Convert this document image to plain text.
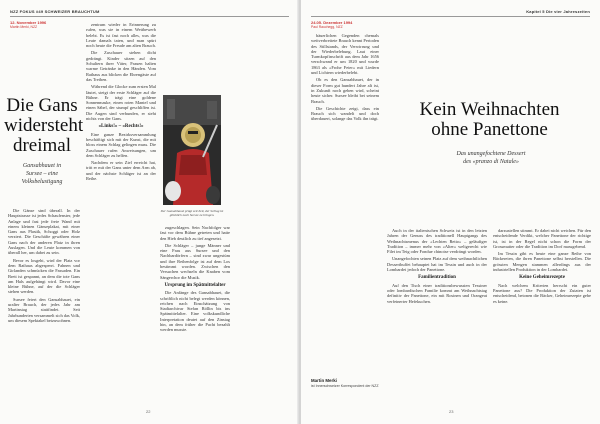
NZZ FOKUS #49 SCHWEIZER BRAUCHTUM
12. November 1996
Martin Merki, NZZ
Die Gans
widersteht
dreimal
Gansabhauet in
Sursee – eine
Volksbelustigung

Die Gänse sind überall. In der Hauptstrasse ist jedes Schaufenster, jede Anlage und fast jede freie Wand mit einem kleinen Gänseplakat, mit einer Gans aus Plastik, Schoggi oder Holz verziert. Die Geschäfte gewähren einer Gans nach der anderen Platz in ihren Auslagen. Und die Leute kommen von überall her, um dabei zu sein.

Bevor es losgeht, wird der Platz vor dem Rathaus abgesperrt. Fahnen und Girlanden schmücken die Fassaden. Ein Brett ist gespannt, an dem die tote Gans am Hals aufgehängt wird. Davor eine kleine Bühne, auf der die Schläger stehen werden.

Sursee feiert den Gansabhauet, ein uralter Brauch, der jedes Jahr am Martinstag stattfindet. Seit Jahrhunderten versammelt sich das Volk, um diesem Spektakel beizuwohnen.

zentrum wieder in Erinnerung zu rufen, was sie in einem Wettbewerb belebt. Es ist fast noch alles, was die Leute damals taten, und man spürt noch heute die Freude am alten Brauch.

Die Zuschauer stehen dicht gedrängt. Kinder sitzen auf den Schultern ihrer Väter, Frauen halten warme Getränke in den Händen. Vom Rathaus aus blicken die Ehrengäste auf das Treiben.

Während die Glocke zum ersten Mal läutet, steigt der erste Schläger auf die Bühne. Er trägt eine goldene Sonnenmaske, einen roten Mantel und einen Säbel, der stumpf geschliffen ist. Die Augen sind verbunden, er sieht nichts von der Gans.

«Links!» – «Rechts!»

Eine ganze Bezirksversammlung beschäftigt sich mit der Kunst, die mit bloss einem Schlag gelingen muss. Die Zuschauer rufen Anweisungen, um dem Schläger zu helfen.

Nachdem er sein Ziel erreicht hat, tritt er mit der Gans unter dem Arm ab, und der nächste Schläger ist an der Reihe.

Der Gansabhauet prägt seit Zeit, der Schlag ist glücklich nach Sursee zu bringen.

zugeschlagen. Sein Nachfolger war fast vor dem Bühne getreten und hatte den Hieb deutlich zu tief angesetzt.

Die Schläger – junge Männer und eine Frau aus Sursee und den Nachbardörfern – sind zwar ungestüm und ihre Reihenfolge ist auf dem Los bestimmt worden. Zwischen den Versuchen wechseln die Knaben vom Sängerchor die Musik.

Ursprung im Spätmittelalter

Die Anfänge des Gansabhauet, die schriftlich nicht belegt werden können, reichen nach Einschätzung von Stadtarchivar Stefan Röllin bis ins Spätmittelalter. Eine volkskundliche Interpretation deutet auf den Zinstag hin, an dem früher die Pacht bezahlt werden musste.

22
Kapitel 5 Die vier Jahreszeiten
24.05. Dezember 1994
Paul Rauchegg, NZZ

bäuerlichen Gegenden chemals weitverbreitete Brauch kennt Perioden des Stillstands, der Verwirrung und der Wiederbelebung. Laut einer Turmkopfinschrift aus dem Jahr 1656 verschwand er um 1820 und wurde 1863 als «Frohe Feier» mit Liedern und Lichtern wiederbelebt.

Ob es den Gansabhauet, der in dieser Form gut hundert Jahre alt ist, in Zukunft noch geben wird, scheint heute sicher. Sursee bleibt bei seinem Brauch.

Die Geschichte zeigt, dass ein Brauch sich wandelt und doch überdauert, solange das Volk ihn trägt.	Kein Weihnachten
ohne Panettone
Das unangefochtene Dessert
des «pranzo di Natale»
Martin Merki
ist Innerschweizer Korrespondent der NZZ

Auch in der italienischen Schweiz ist in den letzten Jahren der Genuss des traditionell Hauptgangs des Weihnachtsmenus der «Lechten Retto» – geläufiger Tradition – immer mehr von «Alter» weltgerecht wie Filet im Teig oder Fondue chinoise verdrängt worden.

Unangefochten seinen Platz auf dem weihnachtlichen Dessertbuffet behauptet hat im Tessin und auch in der Lombardei jedoch der Panettone.

Familientradition

Auf den Tisch einer traditionsbewussten Tessiner oder lombardischen Familie kommt am Weihnachtstag definitiv der Panettone, ein mit Rosinen und Orangeat verfeinerter Hefekuchen.

darzustellen stimmt. Er dabei nicht weichen. Für den entscheidende Verdikt, welcher Panettone der richtige ist, ist in der Regel nicht schon die Form der Grossmutter oder die Tradition im Dorf massgebend.

Im Tessin gibt es heute eine ganze Reihe von Bäckereien, die ihren Panettone selbst herstellen. Die grössten Mengen stammen allerdings aus der industriellen Produktion in der Lombardei.

Keine Geheimrezepte

Nach welchem Kriterien herrscht ein guter Panettone aus? Die Produktion der Zutaten ist entscheidend, betonen die Bäcker, Geheimrezepte gebe es keine.

23
